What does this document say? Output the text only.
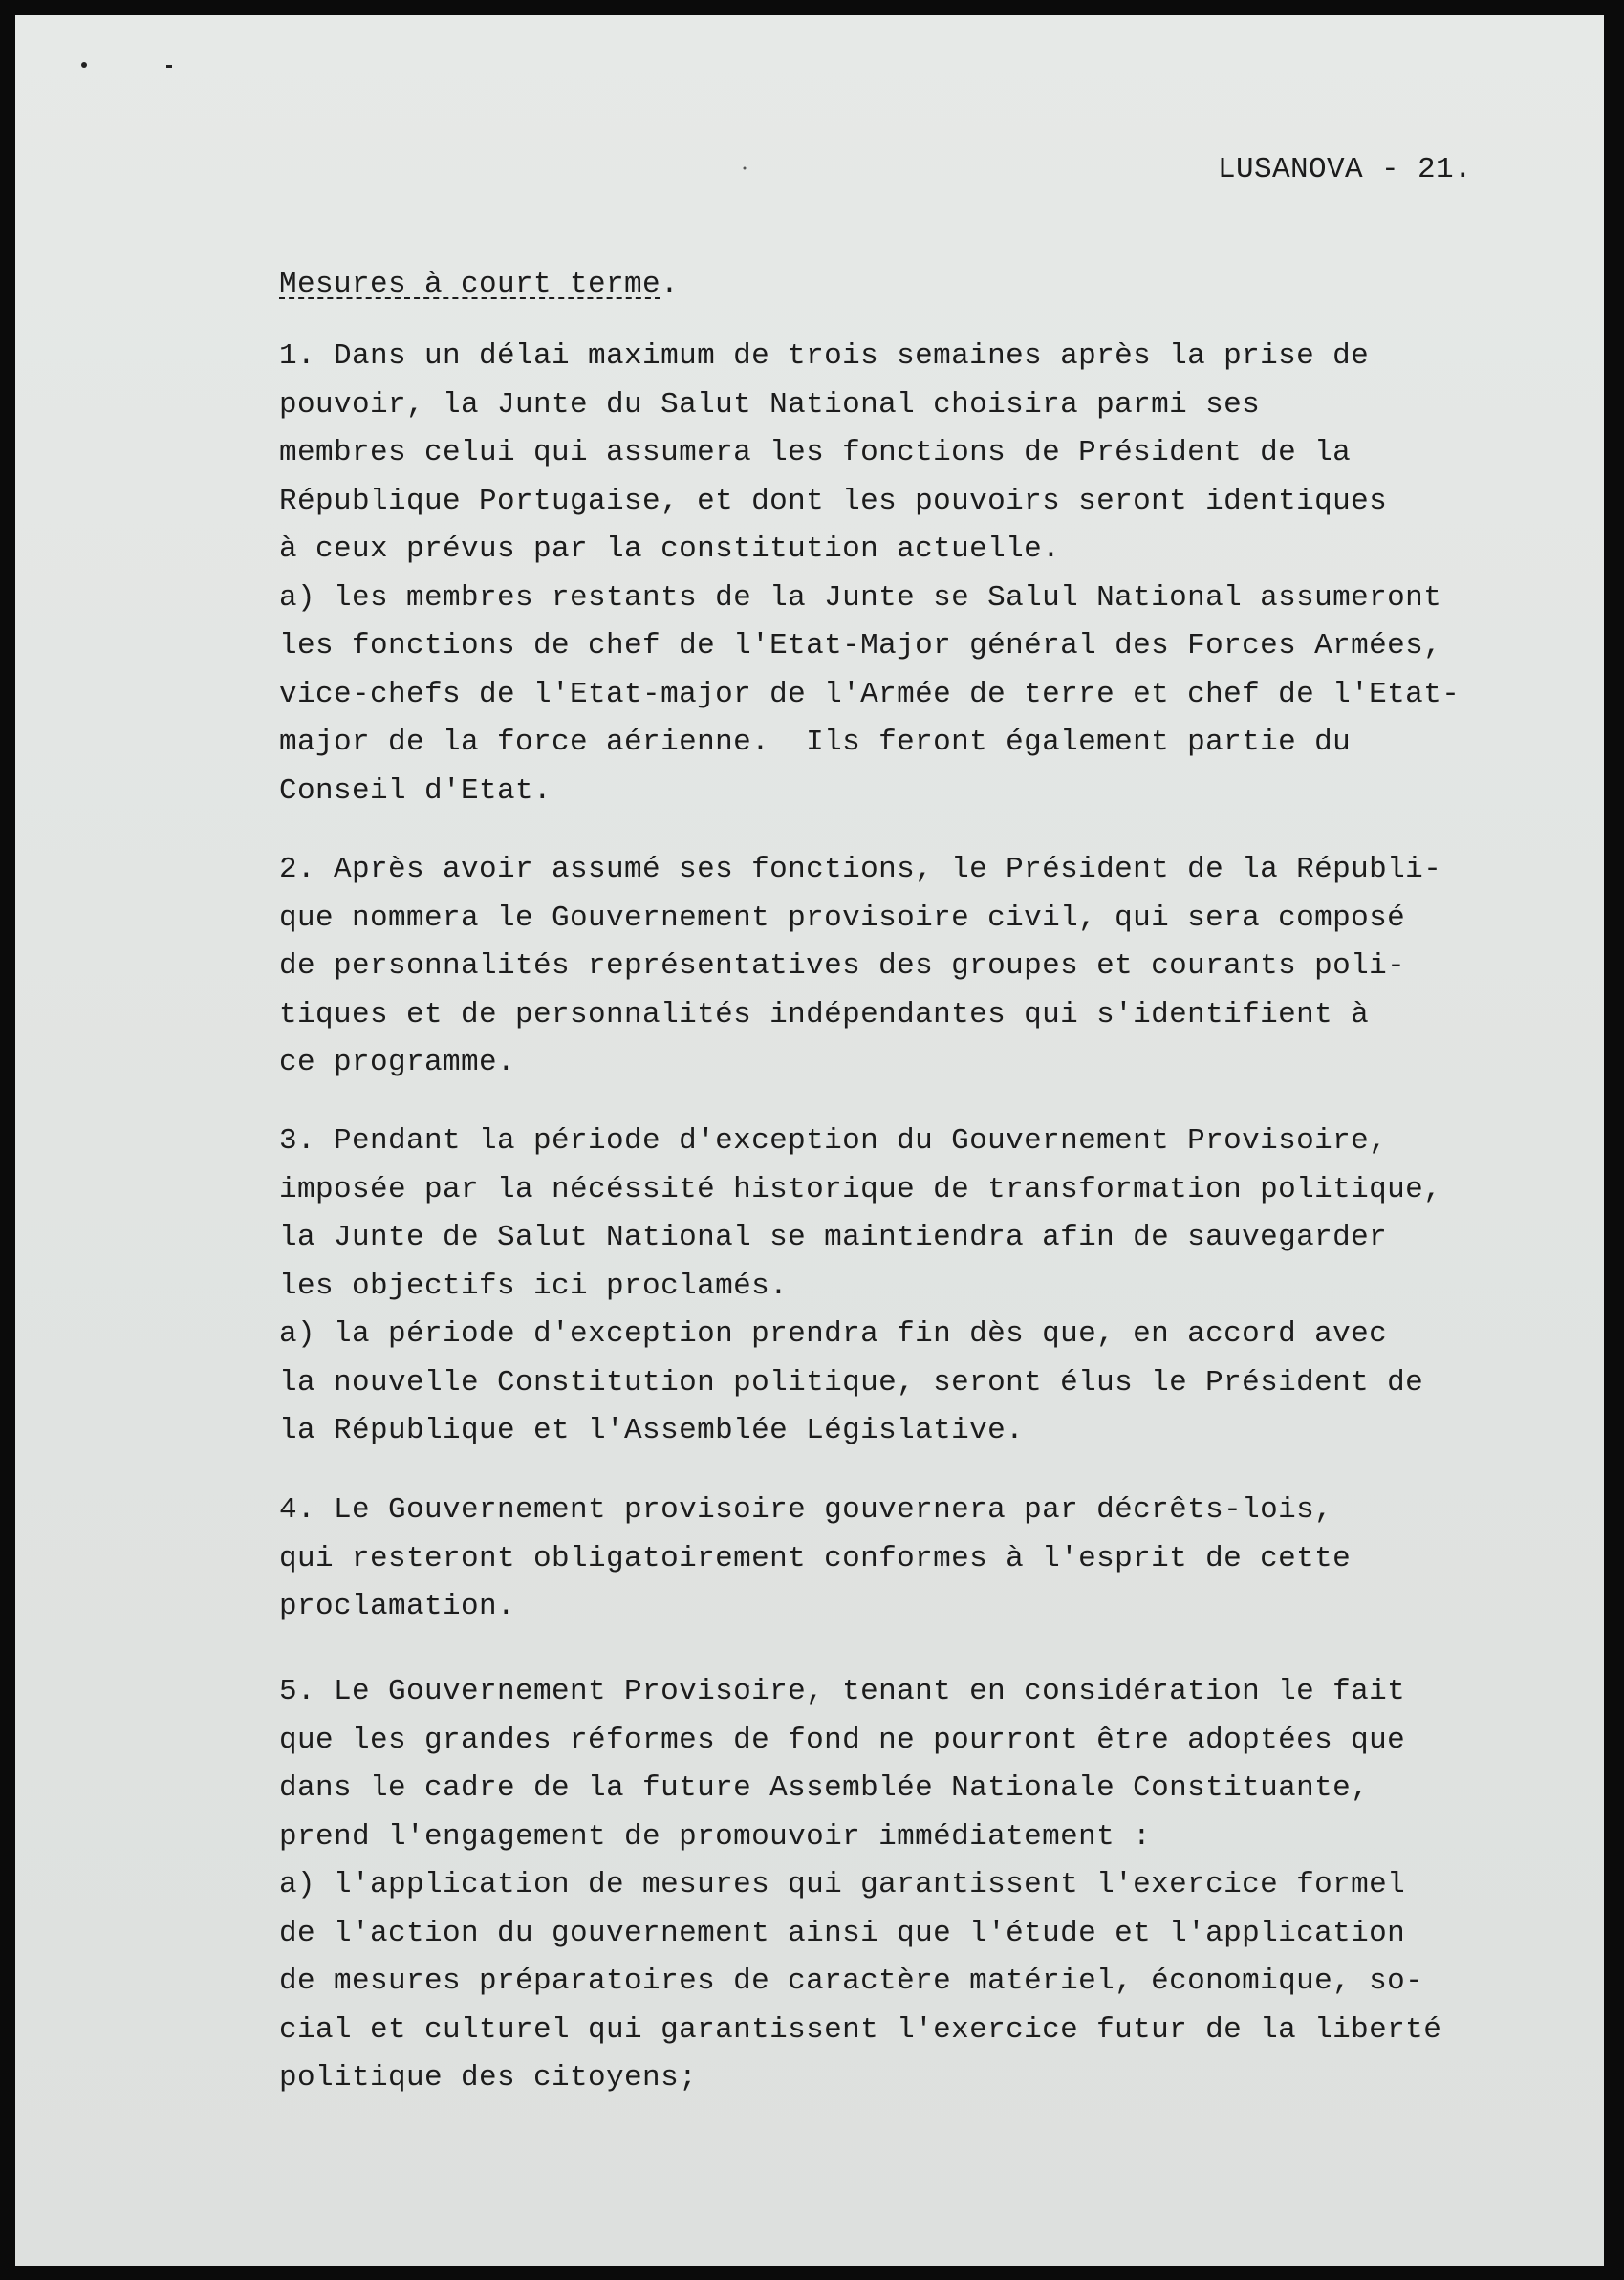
LUSANOVA - 21.
Mesures à court terme.
1. Dans un délai maximum de trois semaines après la prise de
pouvoir, la Junte du Salut National choisira parmi ses
membres celui qui assumera les fonctions de Président de la
République Portugaise, et dont les pouvoirs seront identiques
à ceux prévus par la constitution actuelle.
a) les membres restants de la Junte se Salul National assumeront
les fonctions de chef de l'Etat-Major général des Forces Armées,
vice-chefs de l'Etat-major de l'Armée de terre et chef de l'Etat-
major de la force aérienne.  Ils feront également partie du
Conseil d'Etat.
2. Après avoir assumé ses fonctions, le Président de la Républi-
que nommera le Gouvernement provisoire civil, qui sera composé
de personnalités représentatives des groupes et courants poli-
tiques et de personnalités indépendantes qui s'identifient à
ce programme.
3. Pendant la période d'exception du Gouvernement Provisoire,
imposée par la nécéssité historique de transformation politique,
la Junte de Salut National se maintiendra afin de sauvegarder
les objectifs ici proclamés.
a) la période d'exception prendra fin dès que, en accord avec
la nouvelle Constitution politique, seront élus le Président de
la République et l'Assemblée Législative.
4. Le Gouvernement provisoire gouvernera par décrêts-lois,
qui resteront obligatoirement conformes à l'esprit de cette
proclamation.
5. Le Gouvernement Provisoire, tenant en considération le fait
que les grandes réformes de fond ne pourront être adoptées que
dans le cadre de la future Assemblée Nationale Constituante,
prend l'engagement de promouvoir immédiatement :
a) l'application de mesures qui garantissent l'exercice formel
de l'action du gouvernement ainsi que l'étude et l'application
de mesures préparatoires de caractère matériel, économique, so-
cial et culturel qui garantissent l'exercice futur de la liberté
politique des citoyens;
